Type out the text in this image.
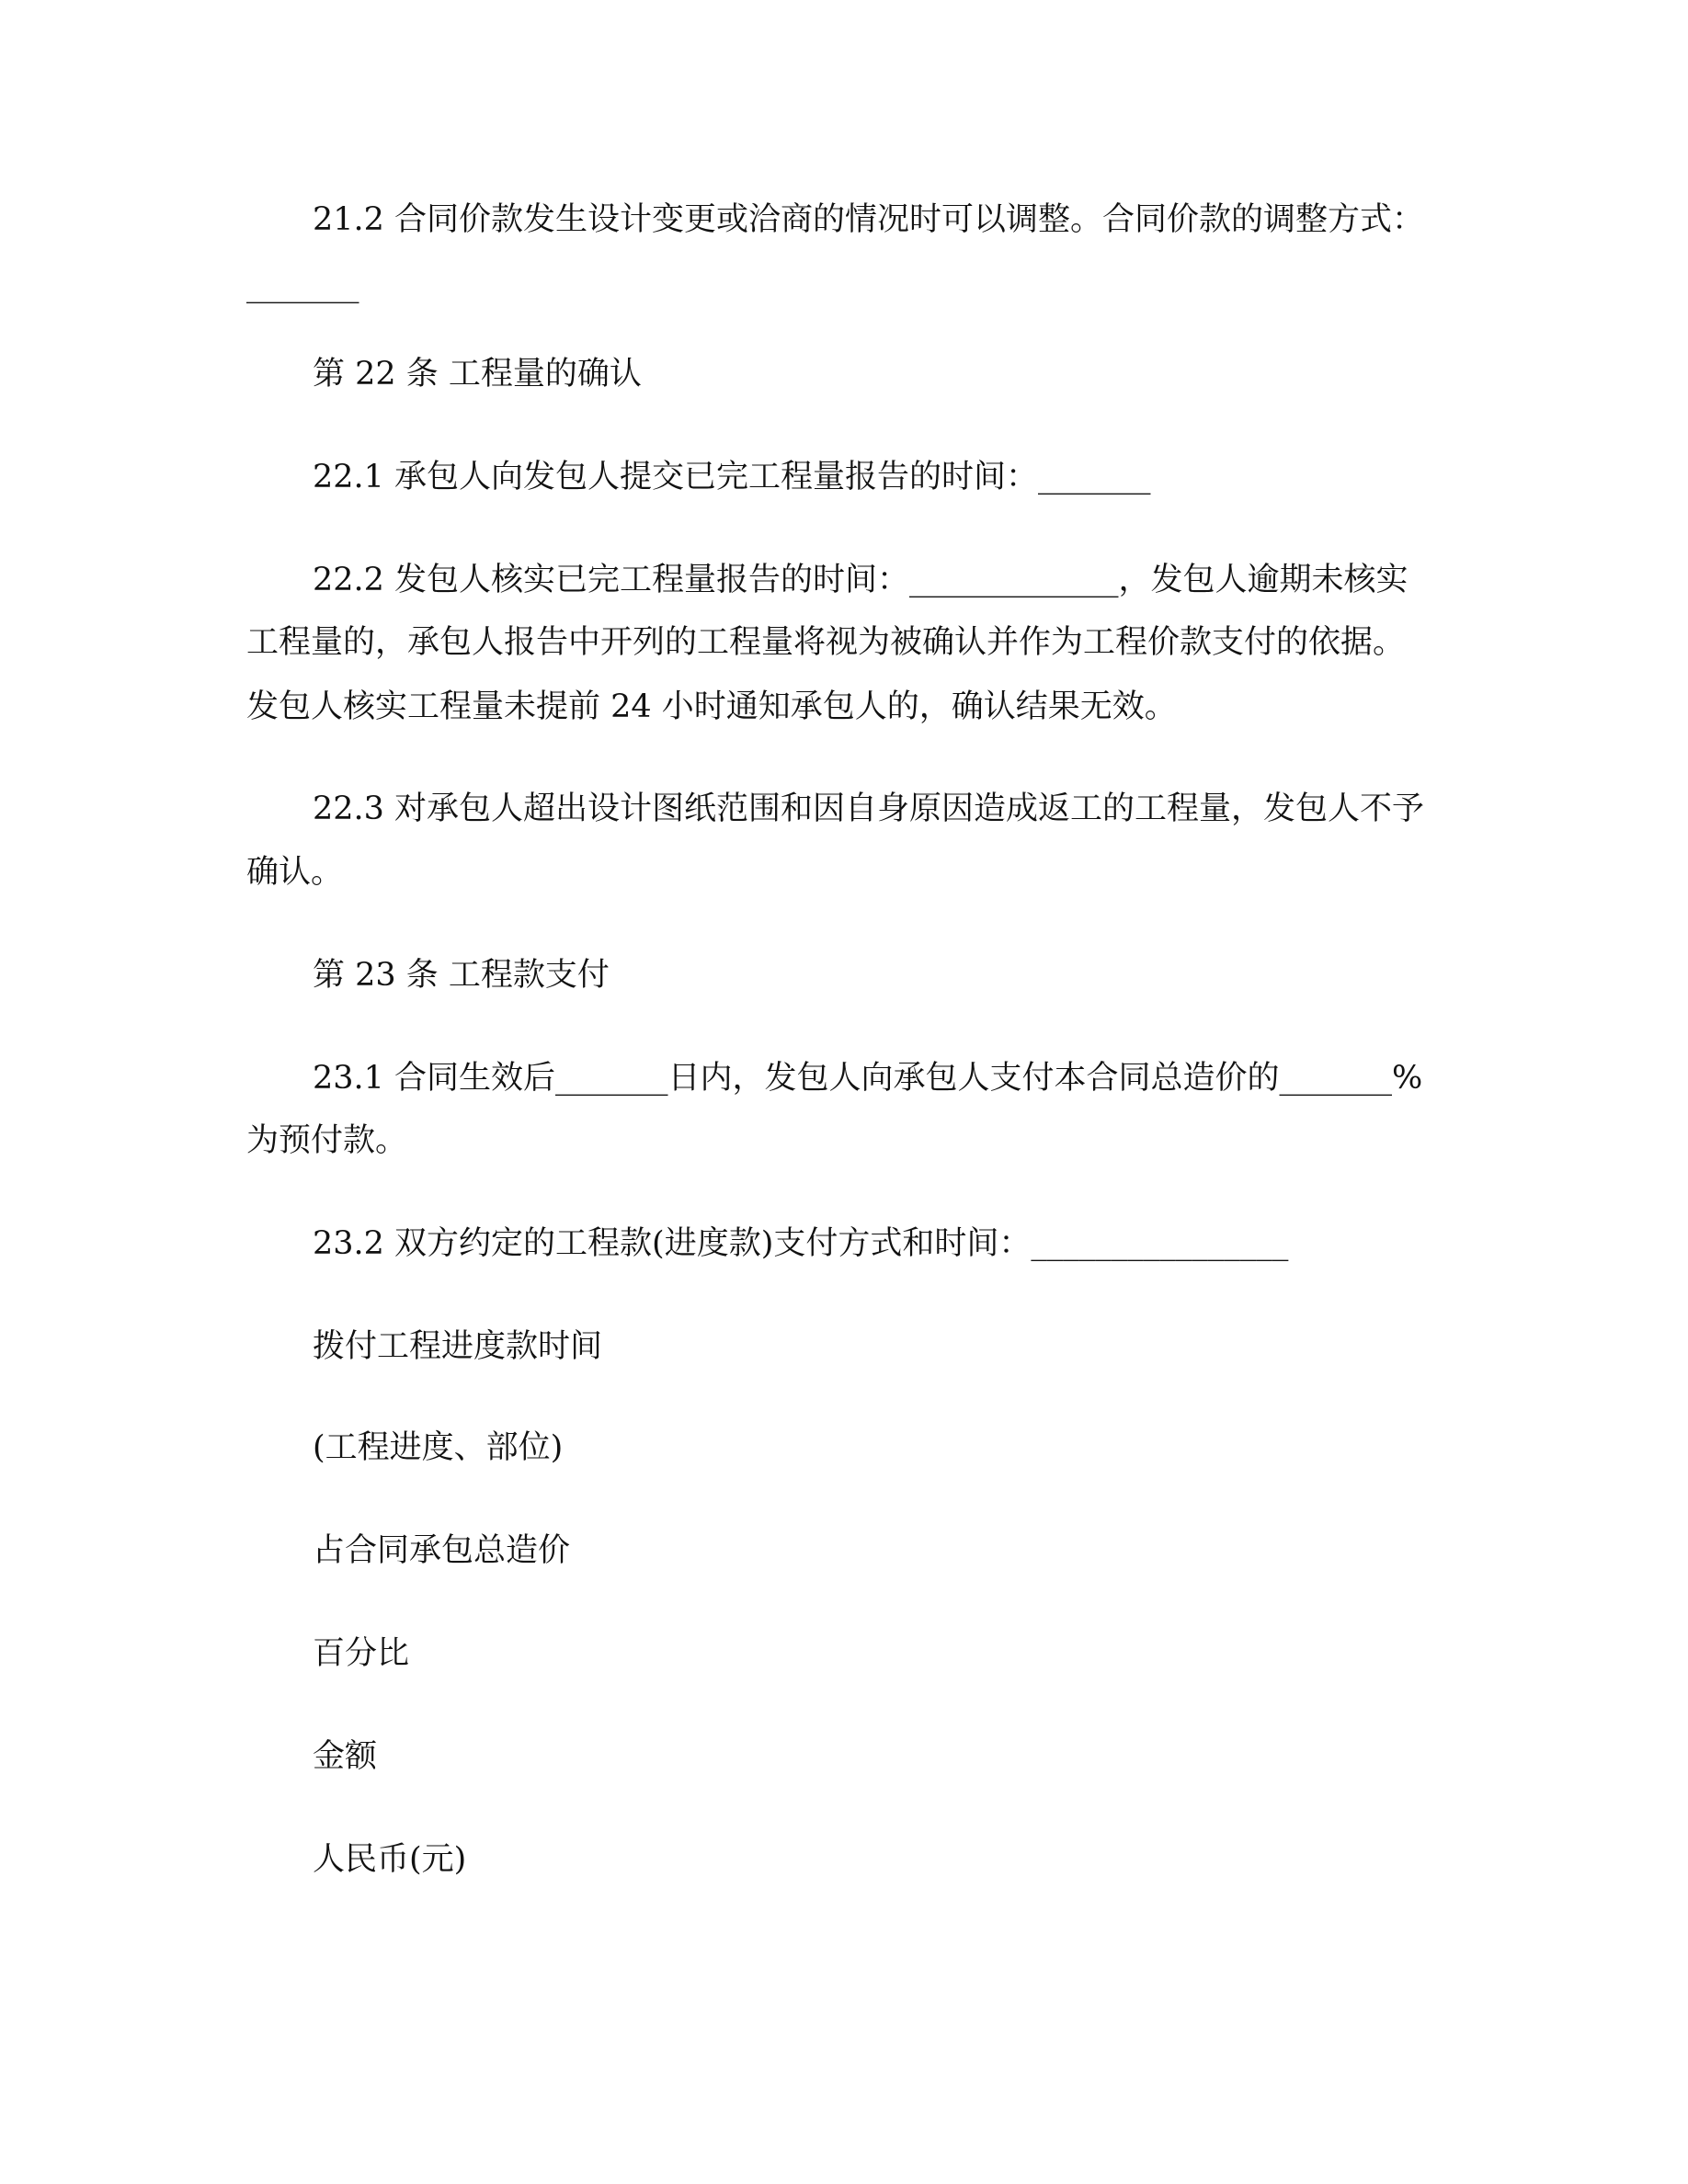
21.2 合同价款发生设计变更或洽商的情况时可以调整。合同价款的调整方式：
_______
第 22 条 工程量的确认
22.1 承包人向发包人提交已完工程量报告的时间：_______
22.2 发包人核实已完工程量报告的时间：_____________，发包人逾期未核实
工程量的，承包人报告中开列的工程量将视为被确认并作为工程价款支付的依据。
发包人核实工程量未提前 24 小时通知承包人的，确认结果无效。
22.3 对承包人超出设计图纸范围和因自身原因造成返工的工程量，发包人不予
确认。
第 23 条 工程款支付
23.1 合同生效后_______日内，发包人向承包人支付本合同总造价的_______%
为预付款。
23.2 双方约定的工程款(进度款)支付方式和时间：________________
拨付工程进度款时间
(工程进度、部位)
占合同承包总造价
百分比
金额
人民币(元)
